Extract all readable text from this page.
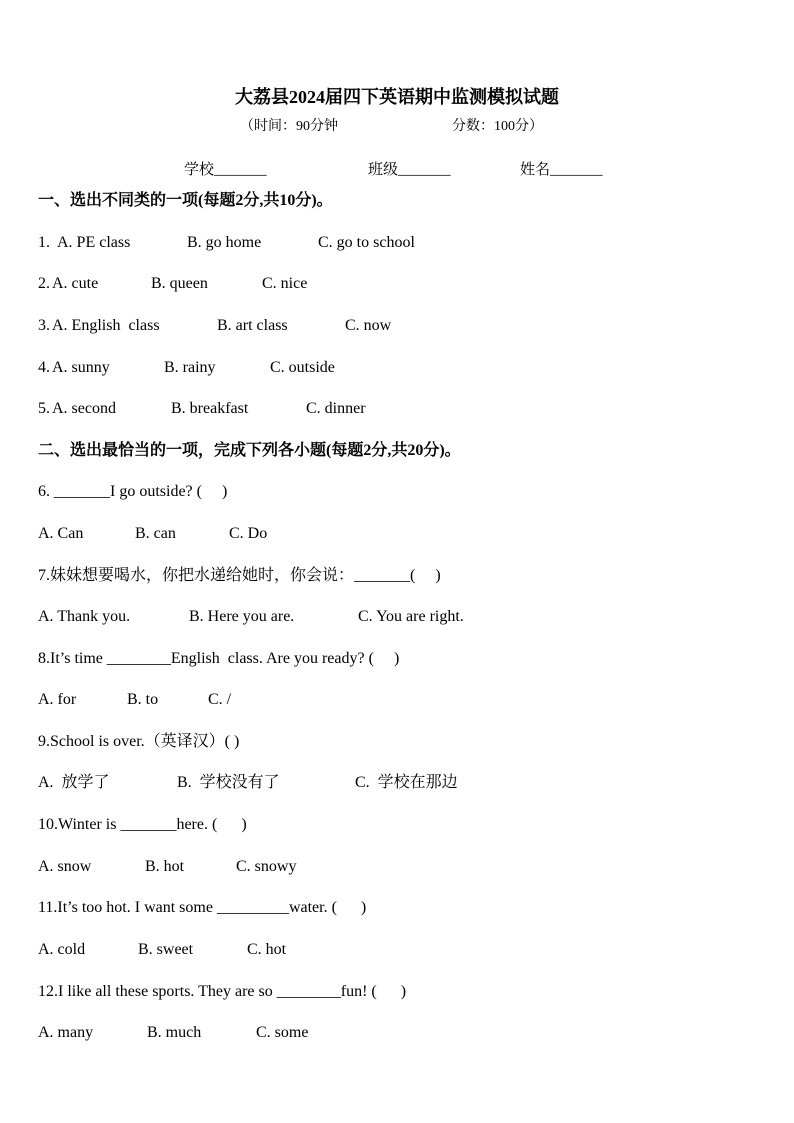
大荔县2024届四下英语期中监测模拟试题
（时间：90分钟	分数：100分）
学校_______	班级_______	姓名_______
一、选出不同类的一项(每题2分,共10分)。
1. A. PE class	B. go home	C. go to school
2. A. cute	B. queen	C. nice
3. A. English  class	B. art class	C. now
4. A. sunny	B. rainy	C. outside
5. A. second	B. breakfast	C. dinner
二、选出最恰当的一项，完成下列各小题(每题2分,共20分)。
6. _______I go outside? (     )
A. Can	B. can	C. Do
7.妹妹想要喝水，你把水递给她时，你会说：_______(     )
A. Thank you.	B. Here you are.	C. You are right.
8.It’s time ________English  class. Are you ready? (     )
A. for	B. to	C. /
9.School is over.（英译汉）( )
A.  放学了	B.  学校没有了	C.  学校在那边
10.Winter is _______here. (      )
A. snow	B. hot	C. snowy
11.It’s too hot. I want some _________water. (      )
A. cold	B. sweet	C. hot
12.I like all these sports. They are so ________fun! (      )
A. many	B. much	C. some
